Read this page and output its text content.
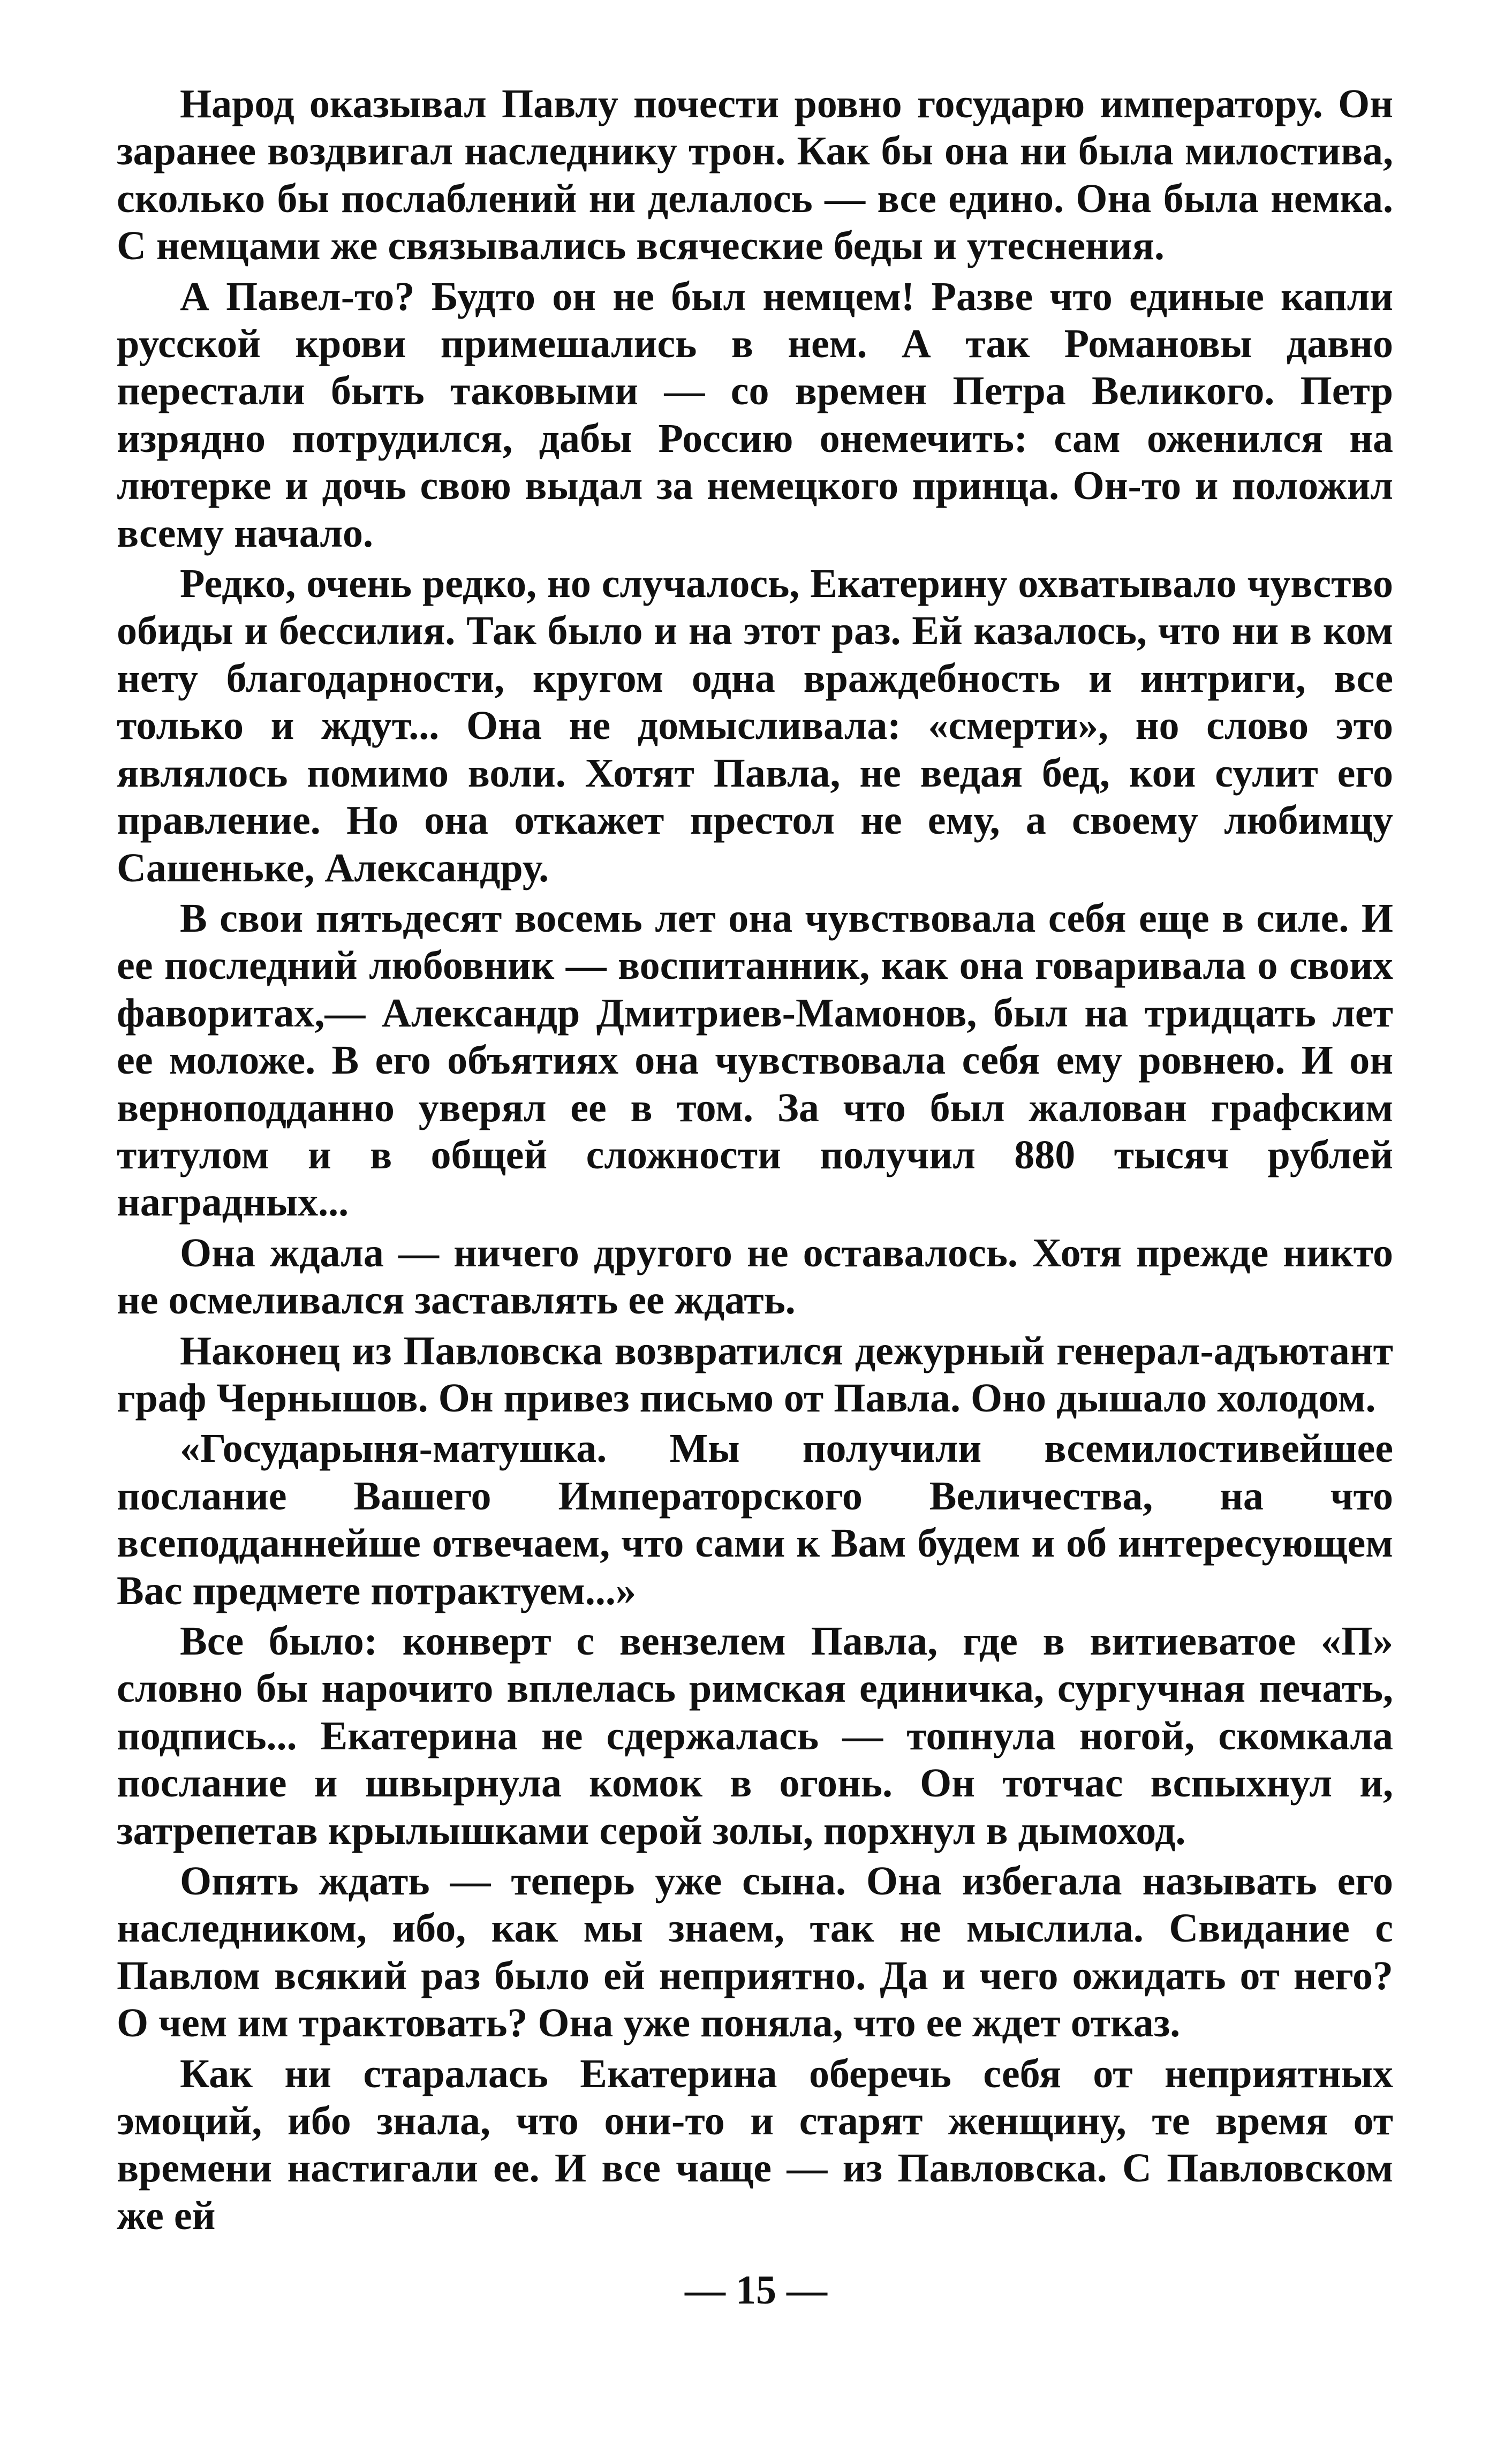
Народ оказывал Павлу почести ровно государю императору. Он заранее воздвигал наследнику трон. Как бы она ни была милостива, сколько бы послаблений ни делалось — все едино. Она была немка. С немцами же связывались всяческие беды и утеснения.

А Павел-то? Будто он не был немцем! Разве что единые капли русской крови примешались в нем. А так Романовы давно перестали быть таковыми — со времен Петра Великого. Петр изрядно потрудился, дабы Россию онемечить: сам оженился на лютерке и дочь свою выдал за немецкого принца. Он-то и положил всему начало.

Редко, очень редко, но случалось, Екатерину охватывало чувство обиды и бессилия. Так было и на этот раз. Ей казалось, что ни в ком нету благодарности, кругом одна враждебность и интриги, все только и ждут... Она не домысливала: «смерти», но слово это являлось помимо воли. Хотят Павла, не ведая бед, кои сулит его правление. Но она откажет престол не ему, а своему любимцу Сашеньке, Александру.

В свои пятьдесят восемь лет она чувствовала себя еще в силе. И ее последний любовник — воспитанник, как она говаривала о своих фаворитах,— Александр Дмитриев-Мамонов, был на тридцать лет ее моложе. В его объятиях она чувствовала себя ему ровнею. И он верноподданно уверял ее в том. За что был жалован графским титулом и в общей сложности получил 880 тысяч рублей наградных...

Она ждала — ничего другого не оставалось. Хотя прежде никто не осмеливался заставлять ее ждать.

Наконец из Павловска возвратился дежурный генерал-адъютант граф Чернышов. Он привез письмо от Павла. Оно дышало холодом.

«Государыня-матушка. Мы получили всемилостивейшее послание Вашего Императорского Величества, на что всеподданнейше отвечаем, что сами к Вам будем и об интересующем Вас предмете потрактуем...»

Все было: конверт с вензелем Павла, где в витиеватое «П» словно бы нарочито вплелась римская единичка, сургучная печать, подпись... Екатерина не сдержалась — топнула ногой, скомкала послание и швырнула комок в огонь. Он тотчас вспыхнул и, затрепетав крылышками серой золы, порхнул в дымоход.

Опять ждать — теперь уже сына. Она избегала называть его наследником, ибо, как мы знаем, так не мыслила. Свидание с Павлом всякий раз было ей неприятно. Да и чего ожидать от него? О чем им трактовать? Она уже поняла, что ее ждет отказ.

Как ни старалась Екатерина оберечь себя от неприятных эмоций, ибо знала, что они-то и старят женщину, те время от времени настигали ее. И все чаще — из Павловска. С Павловском же ей

— 15 —
